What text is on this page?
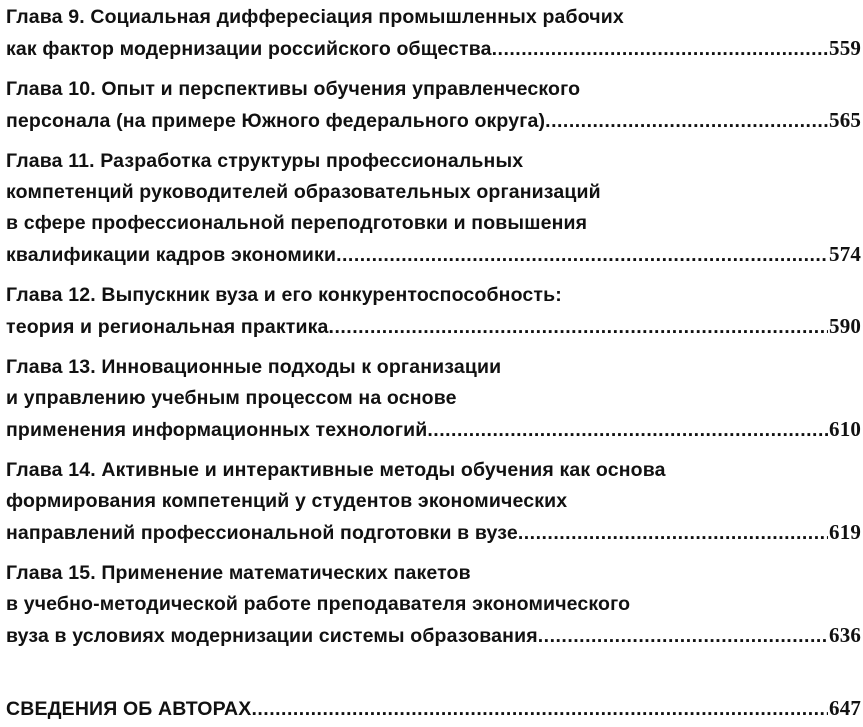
Глава 9. Социальная диффереciация промышленных рабочих
как фактор модернизации российского общества .....	559
Глава 10. Опыт и перспективы обучения управленческого
персонала (на примере Южного федерального округа) .....	565
Глава 11. Разработка структуры профессиональных
компетенций руководителей образовательных организаций
в сфере профессиональной переподготовки и повышения
квалификации кадров экономики .....	574
Глава 12. Выпускник вуза и его конкурентоспособность:
теория и региональная практика .....	590
Глава 13. Инновационные подходы к организации
и управлению учебным процессом на основе
применения информационных технологий .....	610
Глава 14. Активные и интерактивные методы обучения как основа
формирования компетенций у студентов экономических
направлений профессиональной подготовки в вузе .....	619
Глава 15. Применение математических пакетов
в учебно-методической работе преподавателя экономического
вуза в условиях модернизации системы образования .....	636
СВЕДЕНИЯ ОБ АВТОРАХ .....	647
